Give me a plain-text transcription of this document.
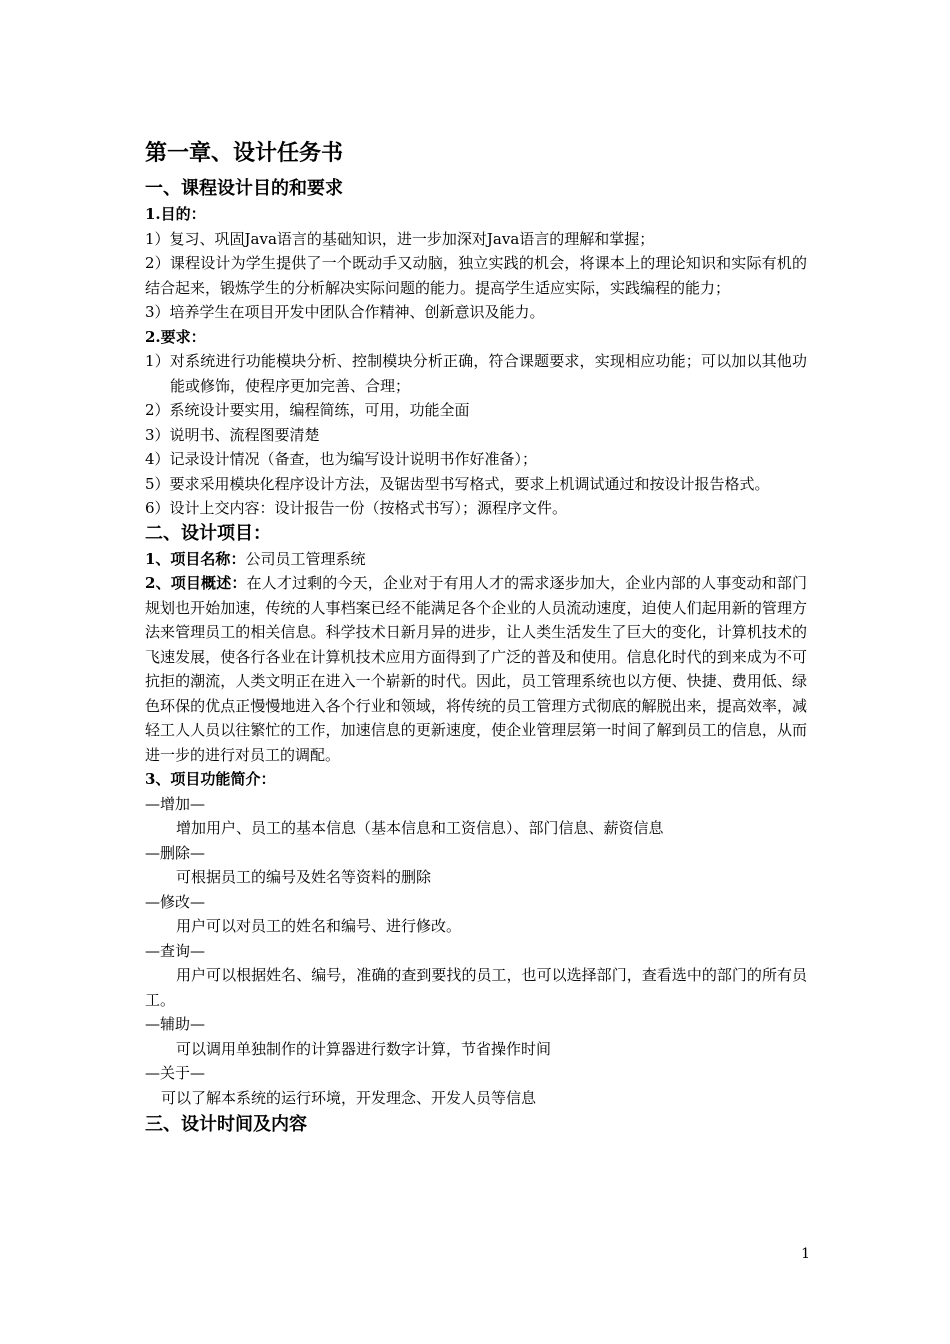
第一章、设计任务书
一、课程设计目的和要求
1.目的：
1）复习、巩固Java语言的基础知识，进一步加深对Java语言的理解和掌握；
2）课程设计为学生提供了一个既动手又动脑，独立实践的机会，将课本上的理论知识和实际有机的结合起来，锻炼学生的分析解决实际问题的能力。提高学生适应实际，实践编程的能力；
3）培养学生在项目开发中团队合作精神、创新意识及能力。
2.要求：
1）对系统进行功能模块分析、控制模块分析正确，符合课题要求，实现相应功能；可以加以其他功能或修饰，使程序更加完善、合理；
2）系统设计要实用，编程简练，可用，功能全面
3）说明书、流程图要清楚
4）记录设计情况（备查，也为编写设计说明书作好准备）；
5）要求采用模块化程序设计方法，及锯齿型书写格式，要求上机调试通过和按设计报告格式。
6）设计上交内容：设计报告一份（按格式书写）；源程序文件。
二、设计项目：
1、项目名称：公司员工管理系统
2、项目概述：在人才过剩的今天，企业对于有用人才的需求逐步加大，企业内部的人事变动和部门规划也开始加速，传统的人事档案已经不能满足各个企业的人员流动速度，迫使人们起用新的管理方法来管理员工的相关信息。科学技术日新月异的进步，让人类生活发生了巨大的变化，计算机技术的飞速发展，使各行各业在计算机技术应用方面得到了广泛的普及和使用。信息化时代的到来成为不可抗拒的潮流，人类文明正在进入一个崭新的时代。因此，员工管理系统也以方便、快捷、费用低、绿色环保的优点正慢慢地进入各个行业和领域，将传统的员工管理方式彻底的解脱出来，提高效率，减轻工人人员以往繁忙的工作，加速信息的更新速度，使企业管理层第一时间了解到员工的信息，从而进一步的进行对员工的调配。
3、项目功能简介：
—增加—
增加用户、员工的基本信息（基本信息和工资信息）、部门信息、薪资信息
—删除—
可根据员工的编号及姓名等资料的删除
—修改—
用户可以对员工的姓名和编号、进行修改。
—查询—
用户可以根据姓名、编号，准确的查到要找的员工，也可以选择部门，查看选中的部门的所有员工。
—辅助—
可以调用单独制作的计算器进行数字计算，节省操作时间
—关于—
可以了解本系统的运行环境，开发理念、开发人员等信息
三、设计时间及内容
1
